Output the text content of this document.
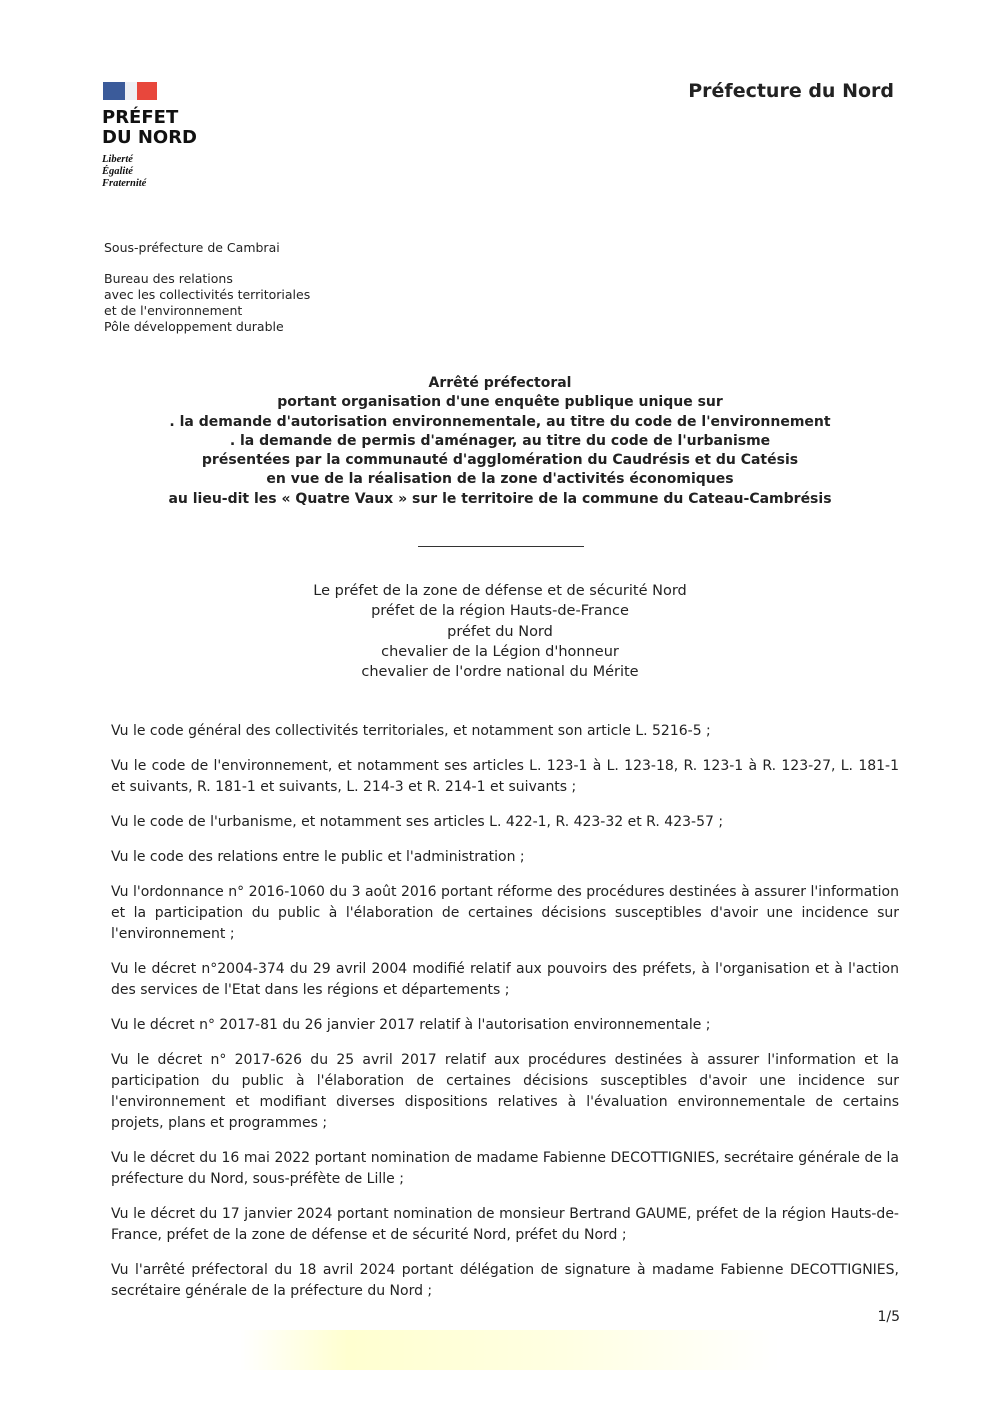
PRÉFET
DU NORD
Liberté
Égalité
Fraternité
Préfecture du Nord
Sous-préfecture de Cambrai
Bureau des relations
avec les collectivités territoriales
et de l'environnement
Pôle développement durable
Arrêté préfectoral
portant organisation d'une enquête publique unique sur
. la demande d'autorisation environnementale, au titre du code de l'environnement
. la demande de permis d'aménager, au titre du code de l'urbanisme
présentées par la communauté d'agglomération du Caudrésis et du Catésis
en vue de la réalisation de la zone d'activités économiques
au lieu-dit les « Quatre Vaux » sur le territoire de la commune du Cateau-Cambrésis
Le préfet de la zone de défense et de sécurité Nord
préfet de la région Hauts-de-France
préfet du Nord
chevalier de la Légion d'honneur
chevalier de l'ordre national du Mérite

Vu le code général des collectivités territoriales, et notamment son article L. 5216-5 ;

Vu le code de l'environnement, et notamment ses articles L. 123-1 à L. 123-18, R. 123-1 à R. 123-27, L. 181-1 et suivants, R. 181-1 et suivants, L. 214-3 et R. 214-1 et suivants ;

Vu le code de l'urbanisme, et notamment ses articles L. 422-1, R. 423-32 et R. 423-57 ;

Vu le code des relations entre le public et l'administration ;

Vu l'ordonnance n° 2016-1060 du 3 août 2016 portant réforme des procédures destinées à assurer l'information et la participation du public à l'élaboration de certaines décisions susceptibles d'avoir une incidence sur l'environnement ;

Vu le décret n°2004-374 du 29 avril 2004 modifié relatif aux pouvoirs des préfets, à l'organisation et à l'action des services de l'Etat dans les régions et départements ;

Vu le décret n° 2017-81 du 26 janvier 2017 relatif à l'autorisation environnementale ;

Vu le décret n° 2017-626 du 25 avril 2017 relatif aux procédures destinées à assurer l'information et la participation du public à l'élaboration de certaines décisions susceptibles d'avoir une incidence sur l'environnement et modifiant diverses dispositions relatives à l'évaluation environnementale de certains projets, plans et programmes ;

Vu le décret du 16 mai 2022 portant nomination de madame Fabienne DECOTTIGNIES, secrétaire générale de la préfecture du Nord, sous-préfète de Lille ;

Vu le décret du 17 janvier 2024 portant nomination de monsieur Bertrand GAUME, préfet de la région Hauts-de-France, préfet de la zone de défense et de sécurité Nord, préfet du Nord ;

Vu l'arrêté préfectoral du 18 avril 2024 portant délégation de signature à madame Fabienne DECOTTIGNIES, secrétaire générale de la préfecture du Nord ;

1/5
